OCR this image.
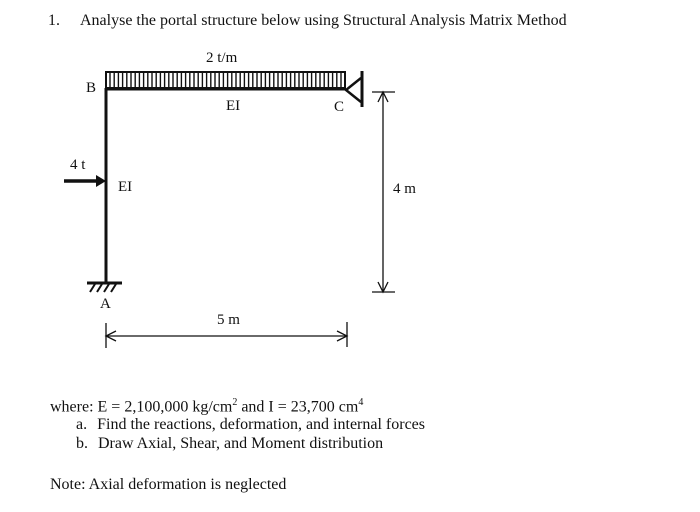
1. Analyse the portal structure below using Structural Analysis Matrix Method
2 t/m
B
EI	C
4 t
EI	4 m
A
5 m
where: E = 2,100,000 $kg/cm^2$ and I = 23,700 $cm^4$
a. Find the reactions, deformation, and internal forces
b. Draw Axial, Shear, and Moment distribution
Note: Axial deformation is neglected
